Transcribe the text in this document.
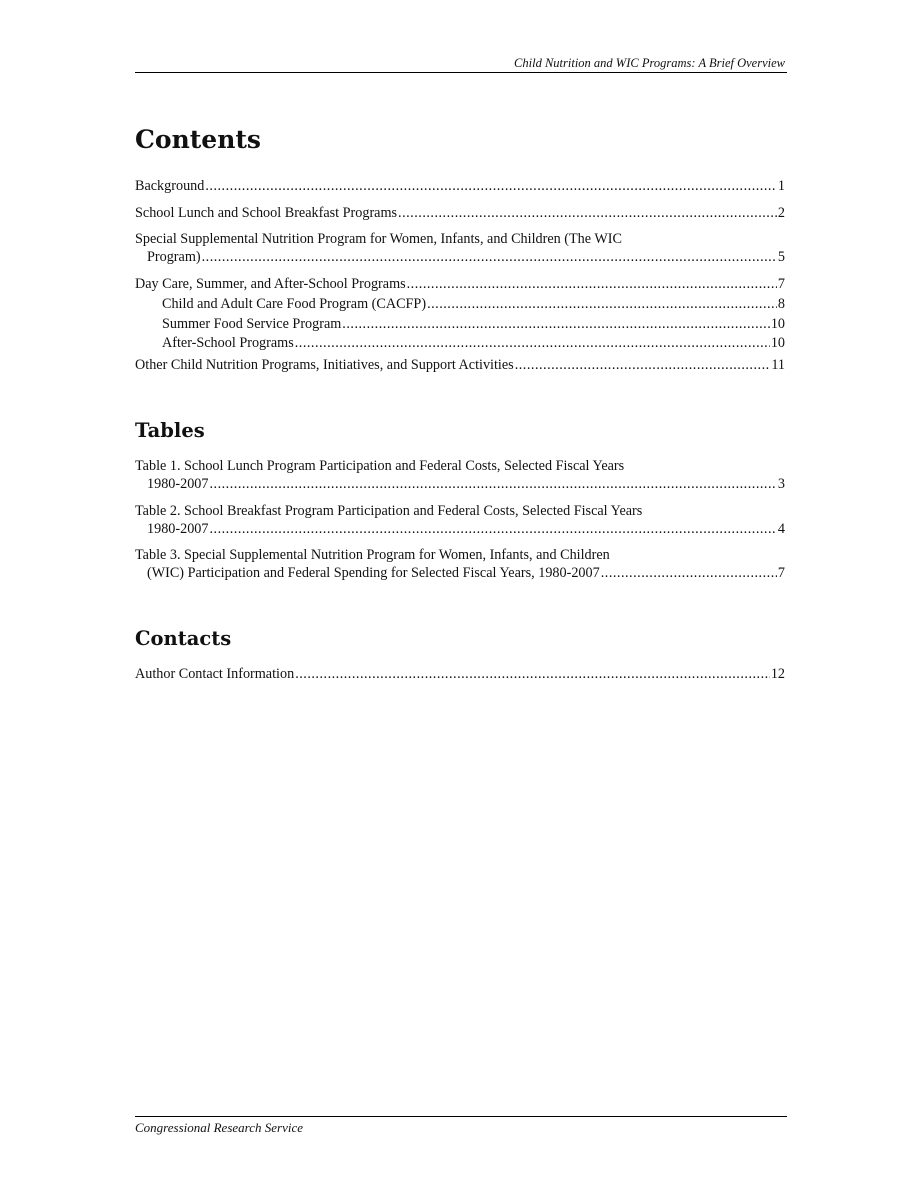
Child Nutrition and WIC Programs: A Brief Overview
Contents
Background .....	1
School Lunch and School Breakfast Programs .....	2
Special Supplemental Nutrition Program for Women, Infants, and Children (The WIC
Program) .....	5
Day Care, Summer, and After-School Programs .....	7
Child and Adult Care Food Program (CACFP) .....	8
Summer Food Service Program .....	10
After-School Programs .....	10
Other Child Nutrition Programs, Initiatives, and Support Activities .....	11
Tables
Table 1. School Lunch Program Participation and Federal Costs, Selected Fiscal Years
1980-2007 .....	3
Table 2. School Breakfast Program Participation and Federal Costs, Selected Fiscal Years
1980-2007 .....	4
Table 3. Special Supplemental Nutrition Program for Women, Infants, and Children
(WIC) Participation and Federal Spending for Selected Fiscal Years, 1980-2007 .....	7
Contacts
Author Contact Information .....	12
Congressional Research Service
